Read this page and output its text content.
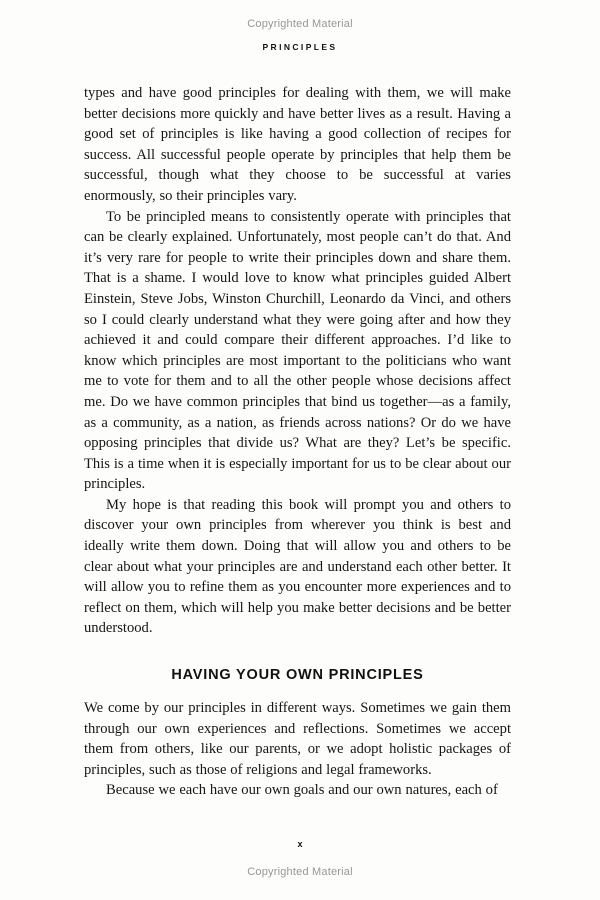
Copyrighted Material
PRINCIPLES

types and have good principles for dealing with them, we will make better decisions more quickly and have better lives as a result. Having a good set of principles is like having a good collection of recipes for success. All successful people operate by principles that help them be successful, though what they choose to be successful at varies enormously, so their principles vary.

To be principled means to consistently operate with principles that can be clearly explained. Unfortunately, most people can’t do that. And it’s very rare for people to write their principles down and share them. That is a shame. I would love to know what principles guided Albert Einstein, Steve Jobs, Winston Churchill, Leonardo da Vinci, and others so I could clearly understand what they were going after and how they achieved it and could compare their different approaches. I’d like to know which principles are most important to the politicians who want me to vote for them and to all the other people whose decisions affect me. Do we have common principles that bind us together—as a family, as a community, as a nation, as friends across nations? Or do we have opposing principles that divide us? What are they? Let’s be specific. This is a time when it is especially important for us to be clear about our principles.

My hope is that reading this book will prompt you and others to discover your own principles from wherever you think is best and ideally write them down. Doing that will allow you and others to be clear about what your principles are and understand each other better. It will allow you to refine them as you encounter more experiences and to reflect on them, which will help you make better decisions and be better understood.

HAVING YOUR OWN PRINCIPLES

We come by our principles in different ways. Sometimes we gain them through our own experiences and reflections. Sometimes we accept them from others, like our parents, or we adopt holistic packages of principles, such as those of religions and legal frameworks.

Because we each have our own goals and our own natures, each of

x
Copyrighted Material
